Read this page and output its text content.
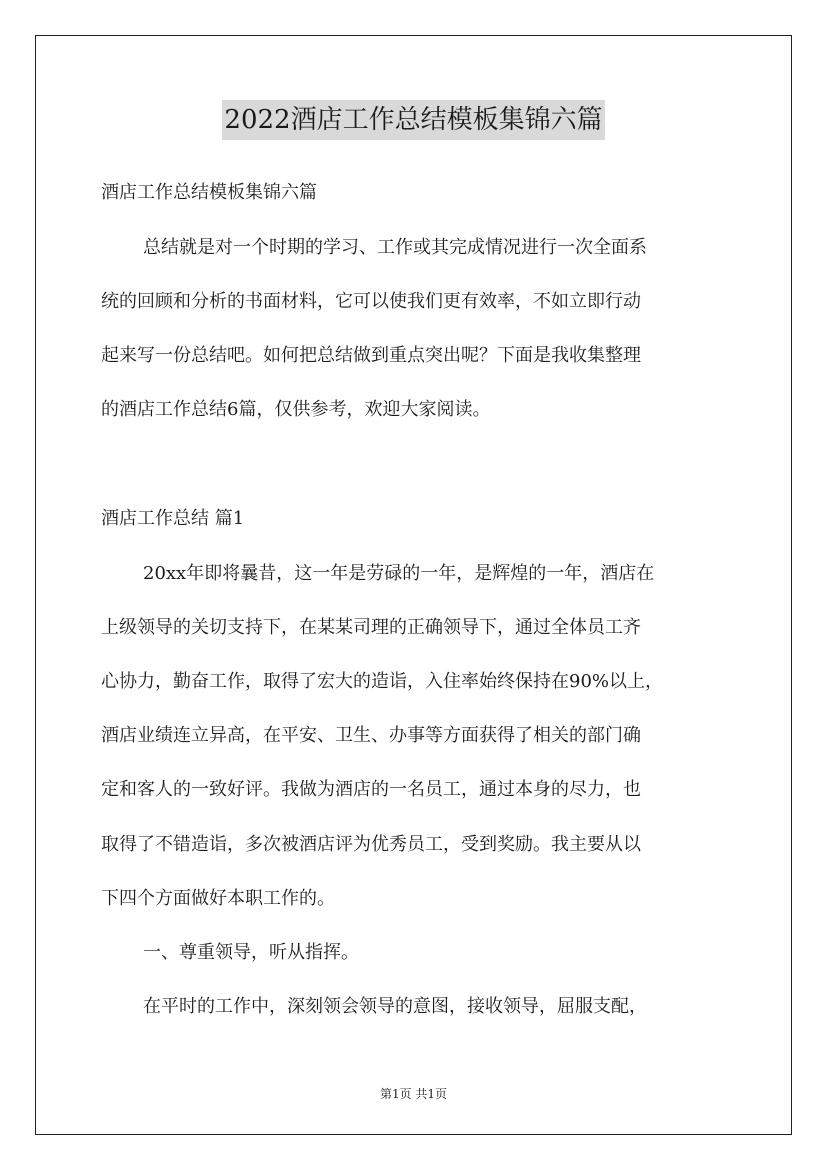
2022酒店工作总结模板集锦六篇
酒店工作总结模板集锦六篇
总结就是对一个时期的学习、工作或其完成情况进行一次全面系
统的回顾和分析的书面材料，它可以使我们更有效率，不如立即行动
起来写一份总结吧。如何把总结做到重点突出呢？下面是我收集整理
的酒店工作总结6篇，仅供参考，欢迎大家阅读。
酒店工作总结 篇1
20xx年即将曩昔，这一年是劳碌的一年，是辉煌的一年，酒店在
上级领导的关切支持下，在某某司理的正确领导下，通过全体员工齐
心协力，勤奋工作，取得了宏大的造诣，入住率始终保持在90%以上，
酒店业绩连立异高，在平安、卫生、办事等方面获得了相关的部门确
定和客人的一致好评。我做为酒店的一名员工，通过本身的尽力，也
取得了不错造诣，多次被酒店评为优秀员工，受到奖励。我主要从以
下四个方面做好本职工作的。
一、尊重领导，听从指挥。
在平时的工作中，深刻领会领导的意图，接收领导，屈服支配，
第1页 共1页
